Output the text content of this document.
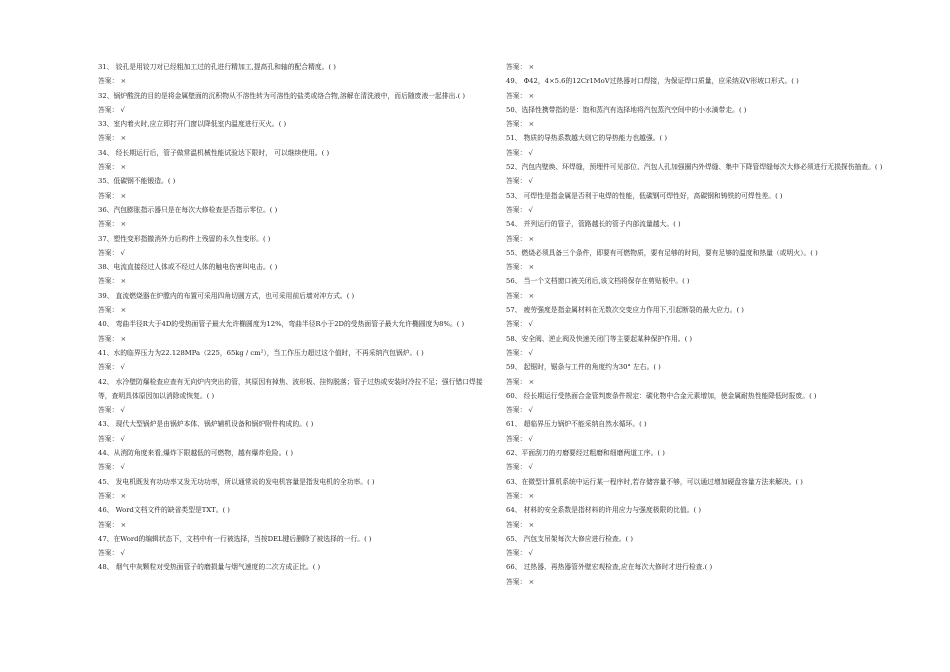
31、 铰孔是用铰刀对已经粗加工过的孔进行精加工,提高孔和轴的配合精度。( )
答案： ×
32、锅炉酸洗的目的是将金属壁面的沉积物从不溶性转为可溶性的盐类或络合物,溶解在清洗液中，而后随废液一起排出.( )
答案： √
33、室内着火时,应立即打开门窗以降低室内温度进行灭火。( )
答案： ×
34、 经长期运行后，管子做常温机械性能试验达下限时， 可以继续使用。( )
答案： ×
35、低碳钢不能锻造。( )
答案： ×
36、汽包膨胀指示器只是在每次大修检查是否指示零位。( )
答案： ×
37、塑性变形指撤消外力后构件上残留的永久性变形。( )
答案： √
38、电流直接经过人体或不经过人体的触电伤害叫电击。( )
答案： ×
39、 直流燃烧器在炉膛内的布置可采用四角切圆方式，也可采用前后墙对冲方式。( )
答案： ×
40、 弯曲半径R大于4D的受热面管子最大允许椭圆度为12%，弯曲半径R小于2D的受热面管子最大允许椭圆度为8%。( )
答案： ×
41、水的临界压力为22.128MPa（225，65kg / cm²），当工作压力超过这个值时，不再采纳汽包锅炉。( )
答案： √
42、 水冷壁防爆检查应查有无向炉内突出的管，其原因有掉焦、波形板、挂钩脱落；管子过热或安装时冷拉不足；强行错口焊接等，查明具体原因加以消除或恢复。( )
答案： √
43、 现代大型锅炉是由锅炉本体、锅炉辅机设备和锅炉附件构成的。( )
答案： √
44、从消防角度来看,爆炸下限越低的可燃物，越有爆炸危险。( )
答案： √
45、 发电机既发有功功率又发无功功率，所以通常说的发电机容量是指发电机的全功率。( )
答案： ×
46、 Word文档文件的缺省类型是TXT。( )
答案： ×
47、在Word的编辑状态下，文档中有一行被选择，当按DEL键后删除了被选择的一行。( )
答案： √
48、 烟气中灰颗粒对受热面管子的磨损量与烟气速度的二次方成正比。( )
答案： ×
49、 Φ42，4×5.6的12Cr1MoV过热器对口焊接，为保证焊口质量，应采纳双V形坡口形式。( )
答案： ×
50、选择性携带指的是：饱和蒸汽有选择地将汽包蒸汽空间中的小水滴带走。( )
答案： ×
51、 物质的导热系数越大则它的导热能力也越强。( )
答案： √
52、汽包内壁焕、环焊缝，预埋件可见部位、汽包人孔加强圈内外焊缝、集中下降管焊缝每次大修必须进行无损探伤抽查。( )
答案： √
53、 可焊性是指金属是否利于电焊的性能，低碳钢可焊性好，高碳钢和铸铁的可焊性差。( )
答案： √
54、 并列运行的管子，管路越长的管子内部流量越大。( )
答案： ×
55、燃烧必须具备三个条件，即要有可燃物质，要有足够的时间，要有足够的温度和热量（或明火）。( )
答案： ×
56、 当一个文档窗口被关闭后,该文档将保存在剪贴板中。( )
答案： ×
57、 疲劳强度是指金属材料在无数次交变应力作用下,引起断裂的最大应力。( )
答案： √
58、安全阀、逆止阀及快速关闭门等主要起某种保护作用。( )
答案： √
59、 起锯时，锯条与工件的角度约为30° 左右。( )
答案： ×
60、 经长期运行受热面合金管判废条件规定：碳化物中合金元素增加，使金属耐热性能降低时报废。( )
答案： √
61、 超临界压力锅炉不能采纳自然水循环。( )
答案： √
62、平面刮刀的刃磨要经过粗磨和细磨两道工序。( )
答案： √
63、在微型计算机系统中运行某一程序时,若存储容量不够，可以通过增加硬盘容量方法来解决。( )
答案： ×
64、 材料的安全系数是指材料的许用应力与强度极限的比值。( )
答案： ×
65、 汽包支吊架每次大修应进行检查。( )
答案： √
66、 过热器、再热器管外壁宏观检查,应在每次大修时才进行检查.( )
答案： ×
